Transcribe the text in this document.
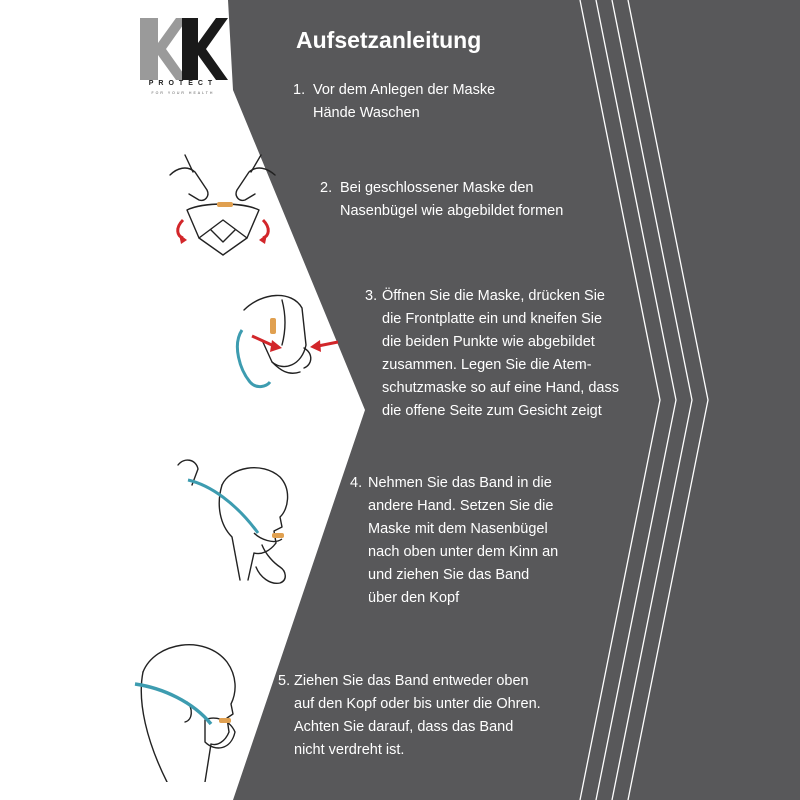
PROTECT
FOR YOUR HEALTH
Aufsetzanleitung
1. Vor dem Anlegen der Maske
Hände Waschen
2. Bei geschlossener Maske den
Nasenbügel wie abgebildet formen
3. Öffnen Sie die Maske, drücken Sie
die Frontplatte ein und kneifen Sie
die beiden Punkte wie abgebildet
zusammen. Legen Sie die Atem-
schutzmaske so auf eine Hand, dass
die offene Seite zum Gesicht zeigt
4. Nehmen Sie das Band in die
andere Hand. Setzen Sie die
Maske mit dem Nasenbügel
nach oben unter dem Kinn an
und ziehen Sie das Band
über den Kopf
5. Ziehen Sie das Band entweder oben
auf den Kopf oder bis unter die Ohren.
Achten Sie darauf, dass das Band
nicht verdreht ist.
